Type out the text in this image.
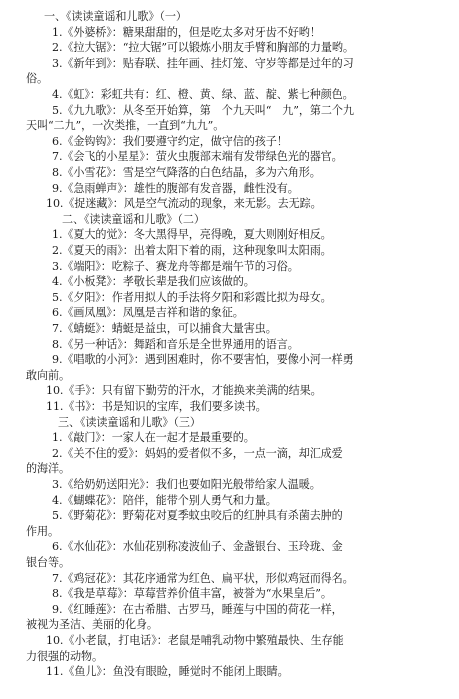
一、《读读童谣和儿歌》（一）
1.《外婆桥》：糖果甜甜的，但是吃太多对牙齿不好哟！
2.《拉大锯》：“拉大锯”可以锻炼小朋友手臂和胸部的力量哟。
3.《新年到》：贴春联、挂年画、挂灯笼、守岁等都是过年的习
俗。
4.《虹》：彩虹共有：红、橙、黄、绿、蓝、靛、紫七种颜色。
5.《九九歌》：从冬至开始算，第　个九天叫“　九”，第二个九
天叫“二九”，一次类推，一直到“九九”。
6.《金钩钩》：我们要遵守约定，做守信的孩子！
7.《会飞的小星星》：萤火虫腹部末端有发带绿色光的器官。
8.《小雪花》：雪是空气降落的白色结晶，多为六角形。
9.《急雨蝉声》：雄性的腹部有发音器，雌性没有。
10.《捉迷藏》：风是空气流动的现象，来无影。去无踪。
二、《读读童谣和儿歌》（二）
1.《夏大的觉》：冬大黑得早，亮得晚，夏大则刚好相反。
2.《夏天的雨》：出着太阳下着的雨，这种现象叫太阳雨。
3.《端阳》：吃粽子、赛龙舟等都是端午节的习俗。
4.《小板凳》：孝敬长辈是我们应该做的。
5.《夕阳》：作者用拟人的手法将夕阳和彩霞比拟为母女。
6.《画凤凰》：凤凰是吉祥和谐的象征。
7.《蜻蜓》：蜻蜓是益虫，可以捕食大量害虫。
8.《另一种话》：舞蹈和音乐是全世界通用的语言。
9.《唱歌的小河》：遇到困难时，你不要害怕，要像小河一样勇
敢向前。
10.《手》：只有留下勤劳的汗水，才能换来美满的结果。
11.《书》：书是知识的宝库，我们要多读书。
三、《读读童谣和儿歌》（三）
1.《敲门》：一家人在一起才是最重要的。
2.《关不住的爱》：妈妈的爱者似不多，一点一滴，却汇成爱
的海洋。
3.《给奶奶送阳光》：我们也要如阳光般带给家人温暖。
4.《蝴蝶花》：陪伴，能带个别人勇气和力量。
5.《野菊花》：野菊花对夏季蚊虫咬后的红肿具有杀菌去肿的
作用。
6.《水仙花》：水仙花别称凌波仙子、金盏银台、玉玲珑、金
银台等。
7.《鸡冠花》：其花序通常为红色、扁平状，形似鸡冠而得名。
8.《我是草莓》：草莓营养价值丰富，被誉为“水果皇后”。
9.《红睡莲》：在古希腊、古罗马，睡莲与中国的荷花一样，
被视为圣洁、美丽的化身。
10.《小老鼠，打电话》：老鼠是哺乳动物中繁殖最快、生存能
力很强的动物。
11.《鱼儿》：鱼没有眼睑，睡觉时不能闭上眼睛。
